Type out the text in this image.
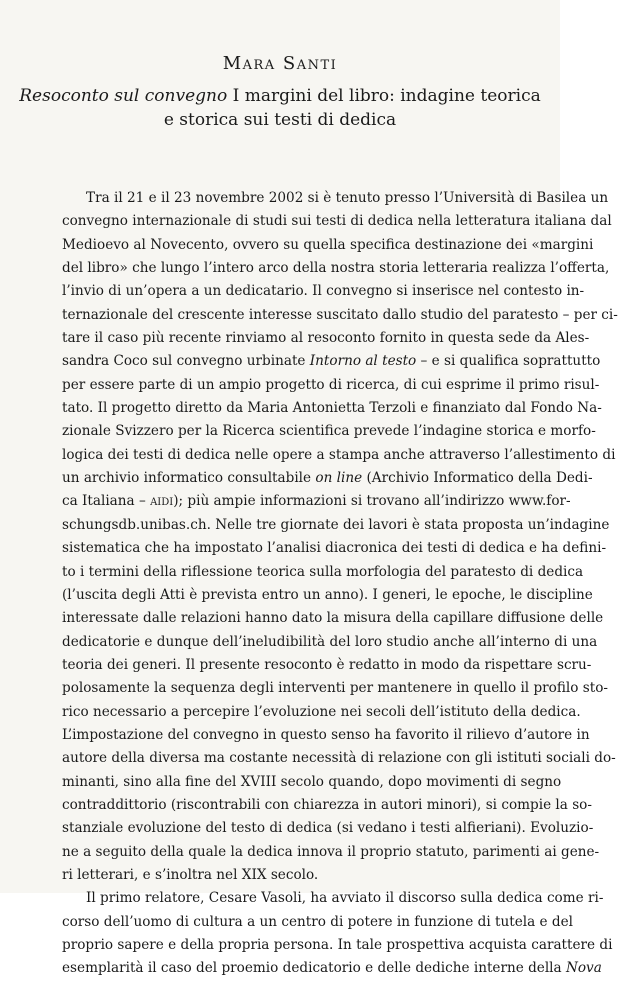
Mara Santi
Resoconto sul convegno I margini del libro: indagine teorica
e storica sui testi di dedica
Tra il 21 e il 23 novembre 2002 si è tenuto presso l’Università di Basilea un
convegno internazionale di studi sui testi di dedica nella letteratura italiana dal
Medioevo al Novecento, ovvero su quella specifica destinazione dei «margini
del libro» che lungo l’intero arco della nostra storia letteraria realizza l’offerta,
l’invio di un’opera a un dedicatario. Il convegno si inserisce nel contesto in-
ternazionale del crescente interesse suscitato dallo studio del paratesto – per ci-
tare il caso più recente rinviamo al resoconto fornito in questa sede da Ales-
sandra Coco sul convegno urbinate Intorno al testo – e si qualifica soprattutto
per essere parte di un ampio progetto di ricerca, di cui esprime il primo risul-
tato. Il progetto diretto da Maria Antonietta Terzoli e finanziato dal Fondo Na-
zionale Svizzero per la Ricerca scientifica prevede l’indagine storica e morfo-
logica dei testi di dedica nelle opere a stampa anche attraverso l’allestimento di
un archivio informatico consultabile on line (Archivio Informatico della Dedi-
ca Italiana – aidi); più ampie informazioni si trovano all’indirizzo www.for-
schungsdb.unibas.ch. Nelle tre giornate dei lavori è stata proposta un’indagine
sistematica che ha impostato l’analisi diacronica dei testi di dedica e ha defini-
to i termini della riflessione teorica sulla morfologia del paratesto di dedica
(l’uscita degli Atti è prevista entro un anno). I generi, le epoche, le discipline
interessate dalle relazioni hanno dato la misura della capillare diffusione delle
dedicatorie e dunque dell’ineludibilità del loro studio anche all’interno di una
teoria dei generi. Il presente resoconto è redatto in modo da rispettare scru-
polosamente la sequenza degli interventi per mantenere in quello il profilo sto-
rico necessario a percepire l’evoluzione nei secoli dell’istituto della dedica.
L’impostazione del convegno in questo senso ha favorito il rilievo d’autore in
autore della diversa ma costante necessità di relazione con gli istituti sociali do-
minanti, sino alla fine del XVIII secolo quando, dopo movimenti di segno
contraddittorio (riscontrabili con chiarezza in autori minori), si compie la so-
stanziale evoluzione del testo di dedica (si vedano i testi alfieriani). Evoluzio-
ne a seguito della quale la dedica innova il proprio statuto, parimenti ai gene-
ri letterari, e s’inoltra nel XIX secolo.
Il primo relatore, Cesare Vasoli, ha avviato il discorso sulla dedica come ri-
corso dell’uomo di cultura a un centro di potere in funzione di tutela e del
proprio sapere e della propria persona. In tale prospettiva acquista carattere di
esemplarità il caso del proemio dedicatorio e delle dediche interne della Nova
